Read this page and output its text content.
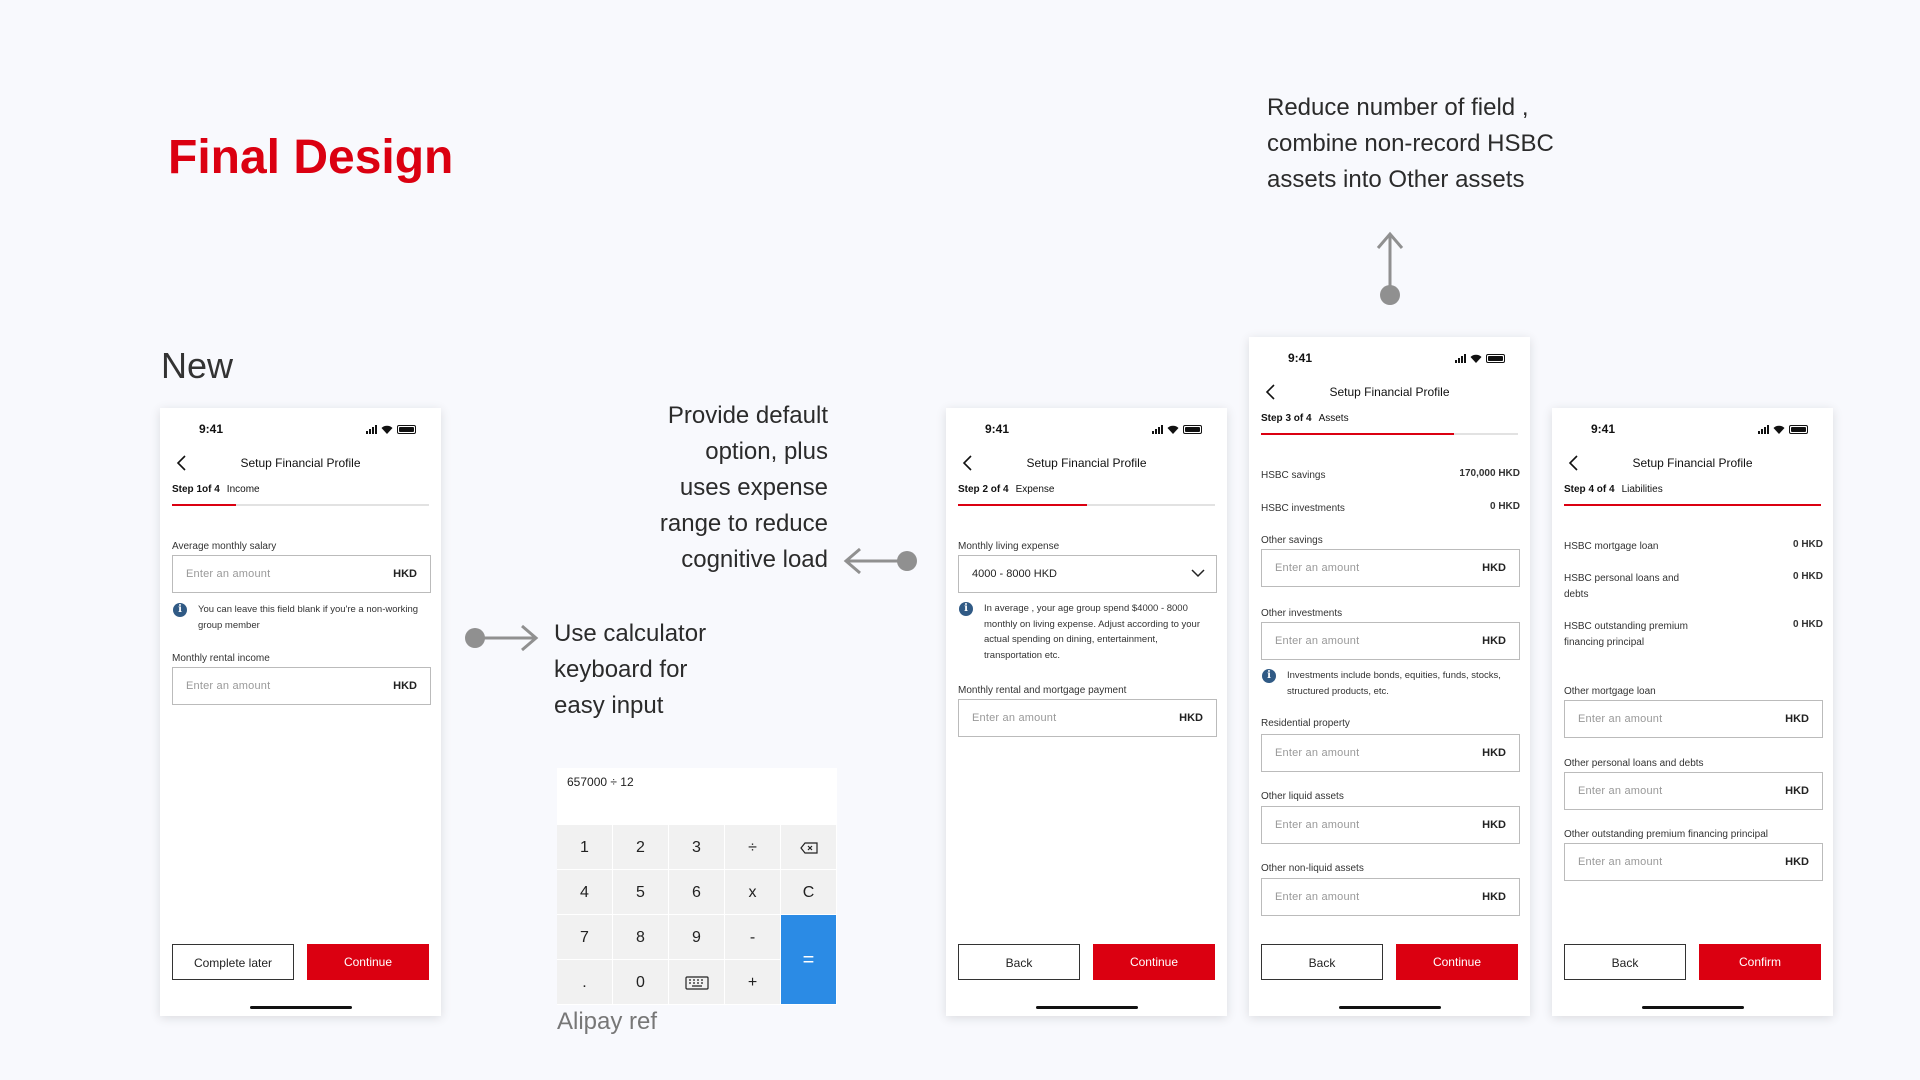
Final Design
New
Reduce number of field ,
combine non-record HSBC
assets into Other assets
Provide default
option, plus
uses expense
range to reduce
cognitive load
Use calculator
keyboard for
easy input
657000 ÷ 12
1	2	3	÷
4	5	6	x	C
7	8	9	-
=
.	0	+
Alipay ref
9:41
Setup Financial Profile
Step 1of 4 Income
Average monthly salary
Enter an amount	HKD
i	You can leave this field blank if you're a non-working group member
Monthly rental income
Enter an amount	HKD
Complete later	Continue
9:41
Setup Financial Profile
Step 2 of 4 Expense
Monthly living expense
4000 - 8000 HKD
i	In average , your age group spend $4000 - 8000 monthly on living expense. Adjust according to your actual spending on dining, entertainment, transportation etc.
Monthly rental and mortgage payment
Enter an amount	HKD
Back	Continue
9:41
Setup Financial Profile
Step 3 of 4 Assets
HSBC savings	170,000 HKD
HSBC investments	0 HKD
Other savings
Enter an amount	HKD
Other investments
Enter an amount	HKD
i	Investments include bonds, equities, funds, stocks, structured products, etc.
Residential property
Enter an amount	HKD
Other liquid assets
Enter an amount	HKD
Other non-liquid assets
Enter an amount	HKD
Back	Continue
9:41
Setup Financial Profile
Step 4 of 4 Liabilities
HSBC mortgage loan	0 HKD
HSBC personal loans and debts
0 HKD
HSBC outstanding premium financing principal
0 HKD
Other mortgage loan
Enter an amount	HKD
Other personal loans and debts
Enter an amount	HKD
Other outstanding premium financing principal
Enter an amount	HKD
Back	Confirm
